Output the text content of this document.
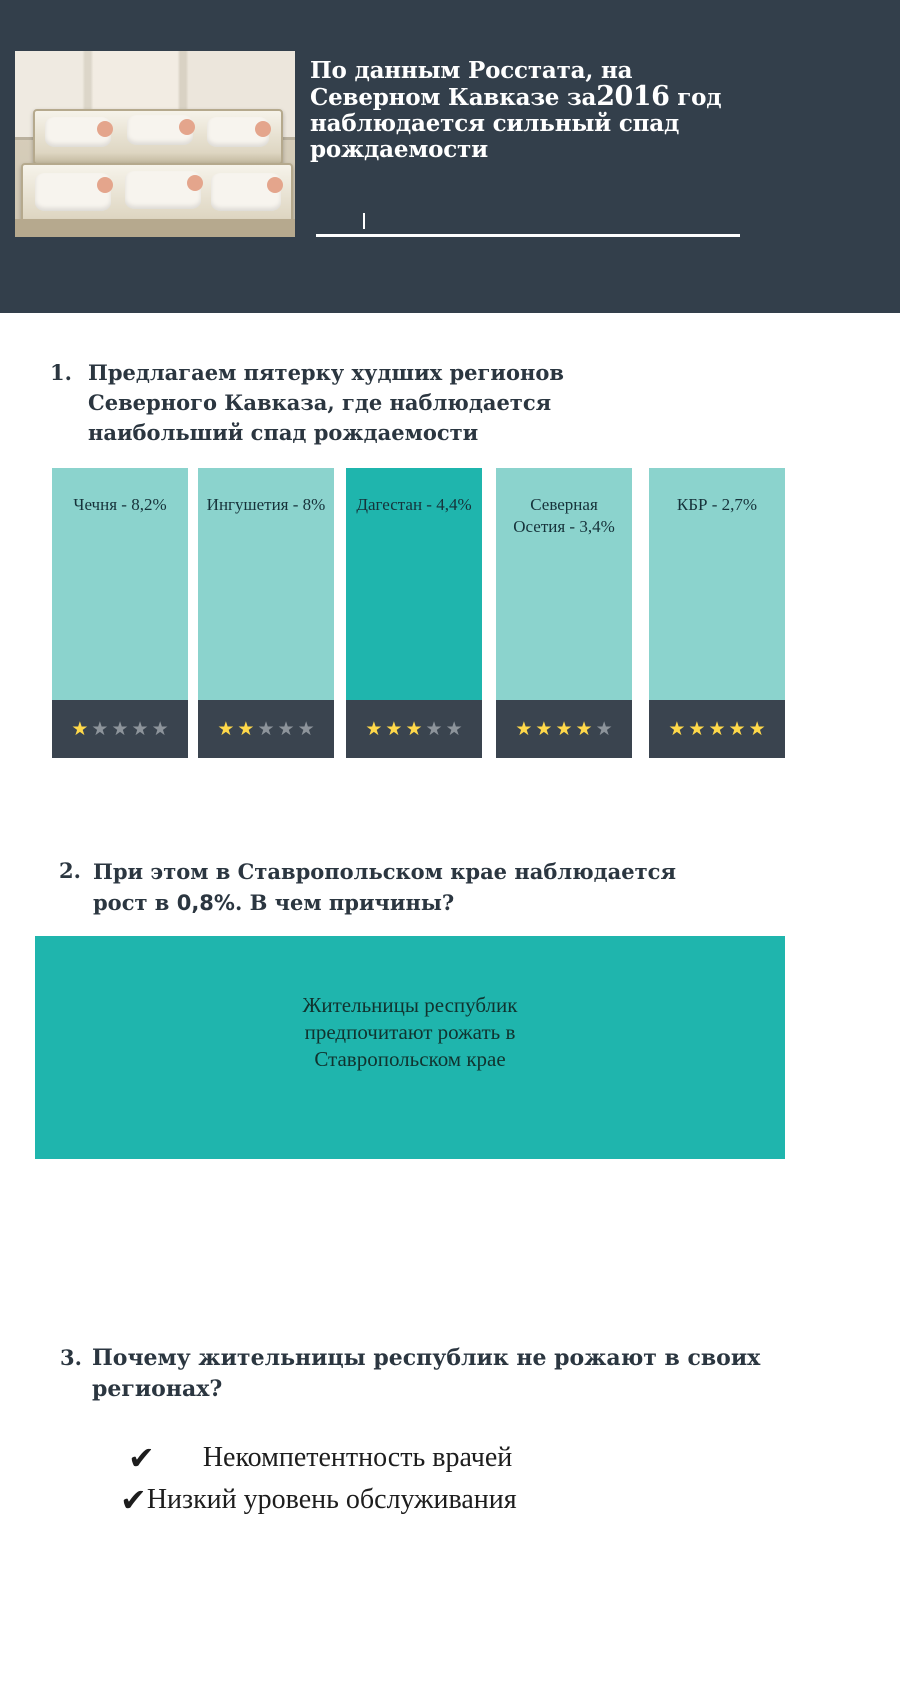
По данным Росстата, на
Северном Кавказе за2016 год
наблюдается сильный спад
рождаемости
1. Предлагаем пятерку худших регионов Северного Кавказа, где наблюдается наибольший спад рождаемости
Чечня - 8,2%
★ ★ ★ ★ ★
Ингушетия - 8%
★ ★ ★ ★ ★
Дагестан - 4,4%
★ ★ ★ ★ ★
Северная Осетия - 3,4%
★ ★ ★ ★ ★
КБР - 2,7%
★ ★ ★ ★ ★
2. При этом в Ставропольском крае наблюдается рост в 0,8%. В чем причины?
Жительницы республик
предпочитают рожать в
Ставропольском крае
3. Почему жительницы республик не рожают в своих регионах?
✔	Некомпетентность врачей
✔ Низкий уровень обслуживания
